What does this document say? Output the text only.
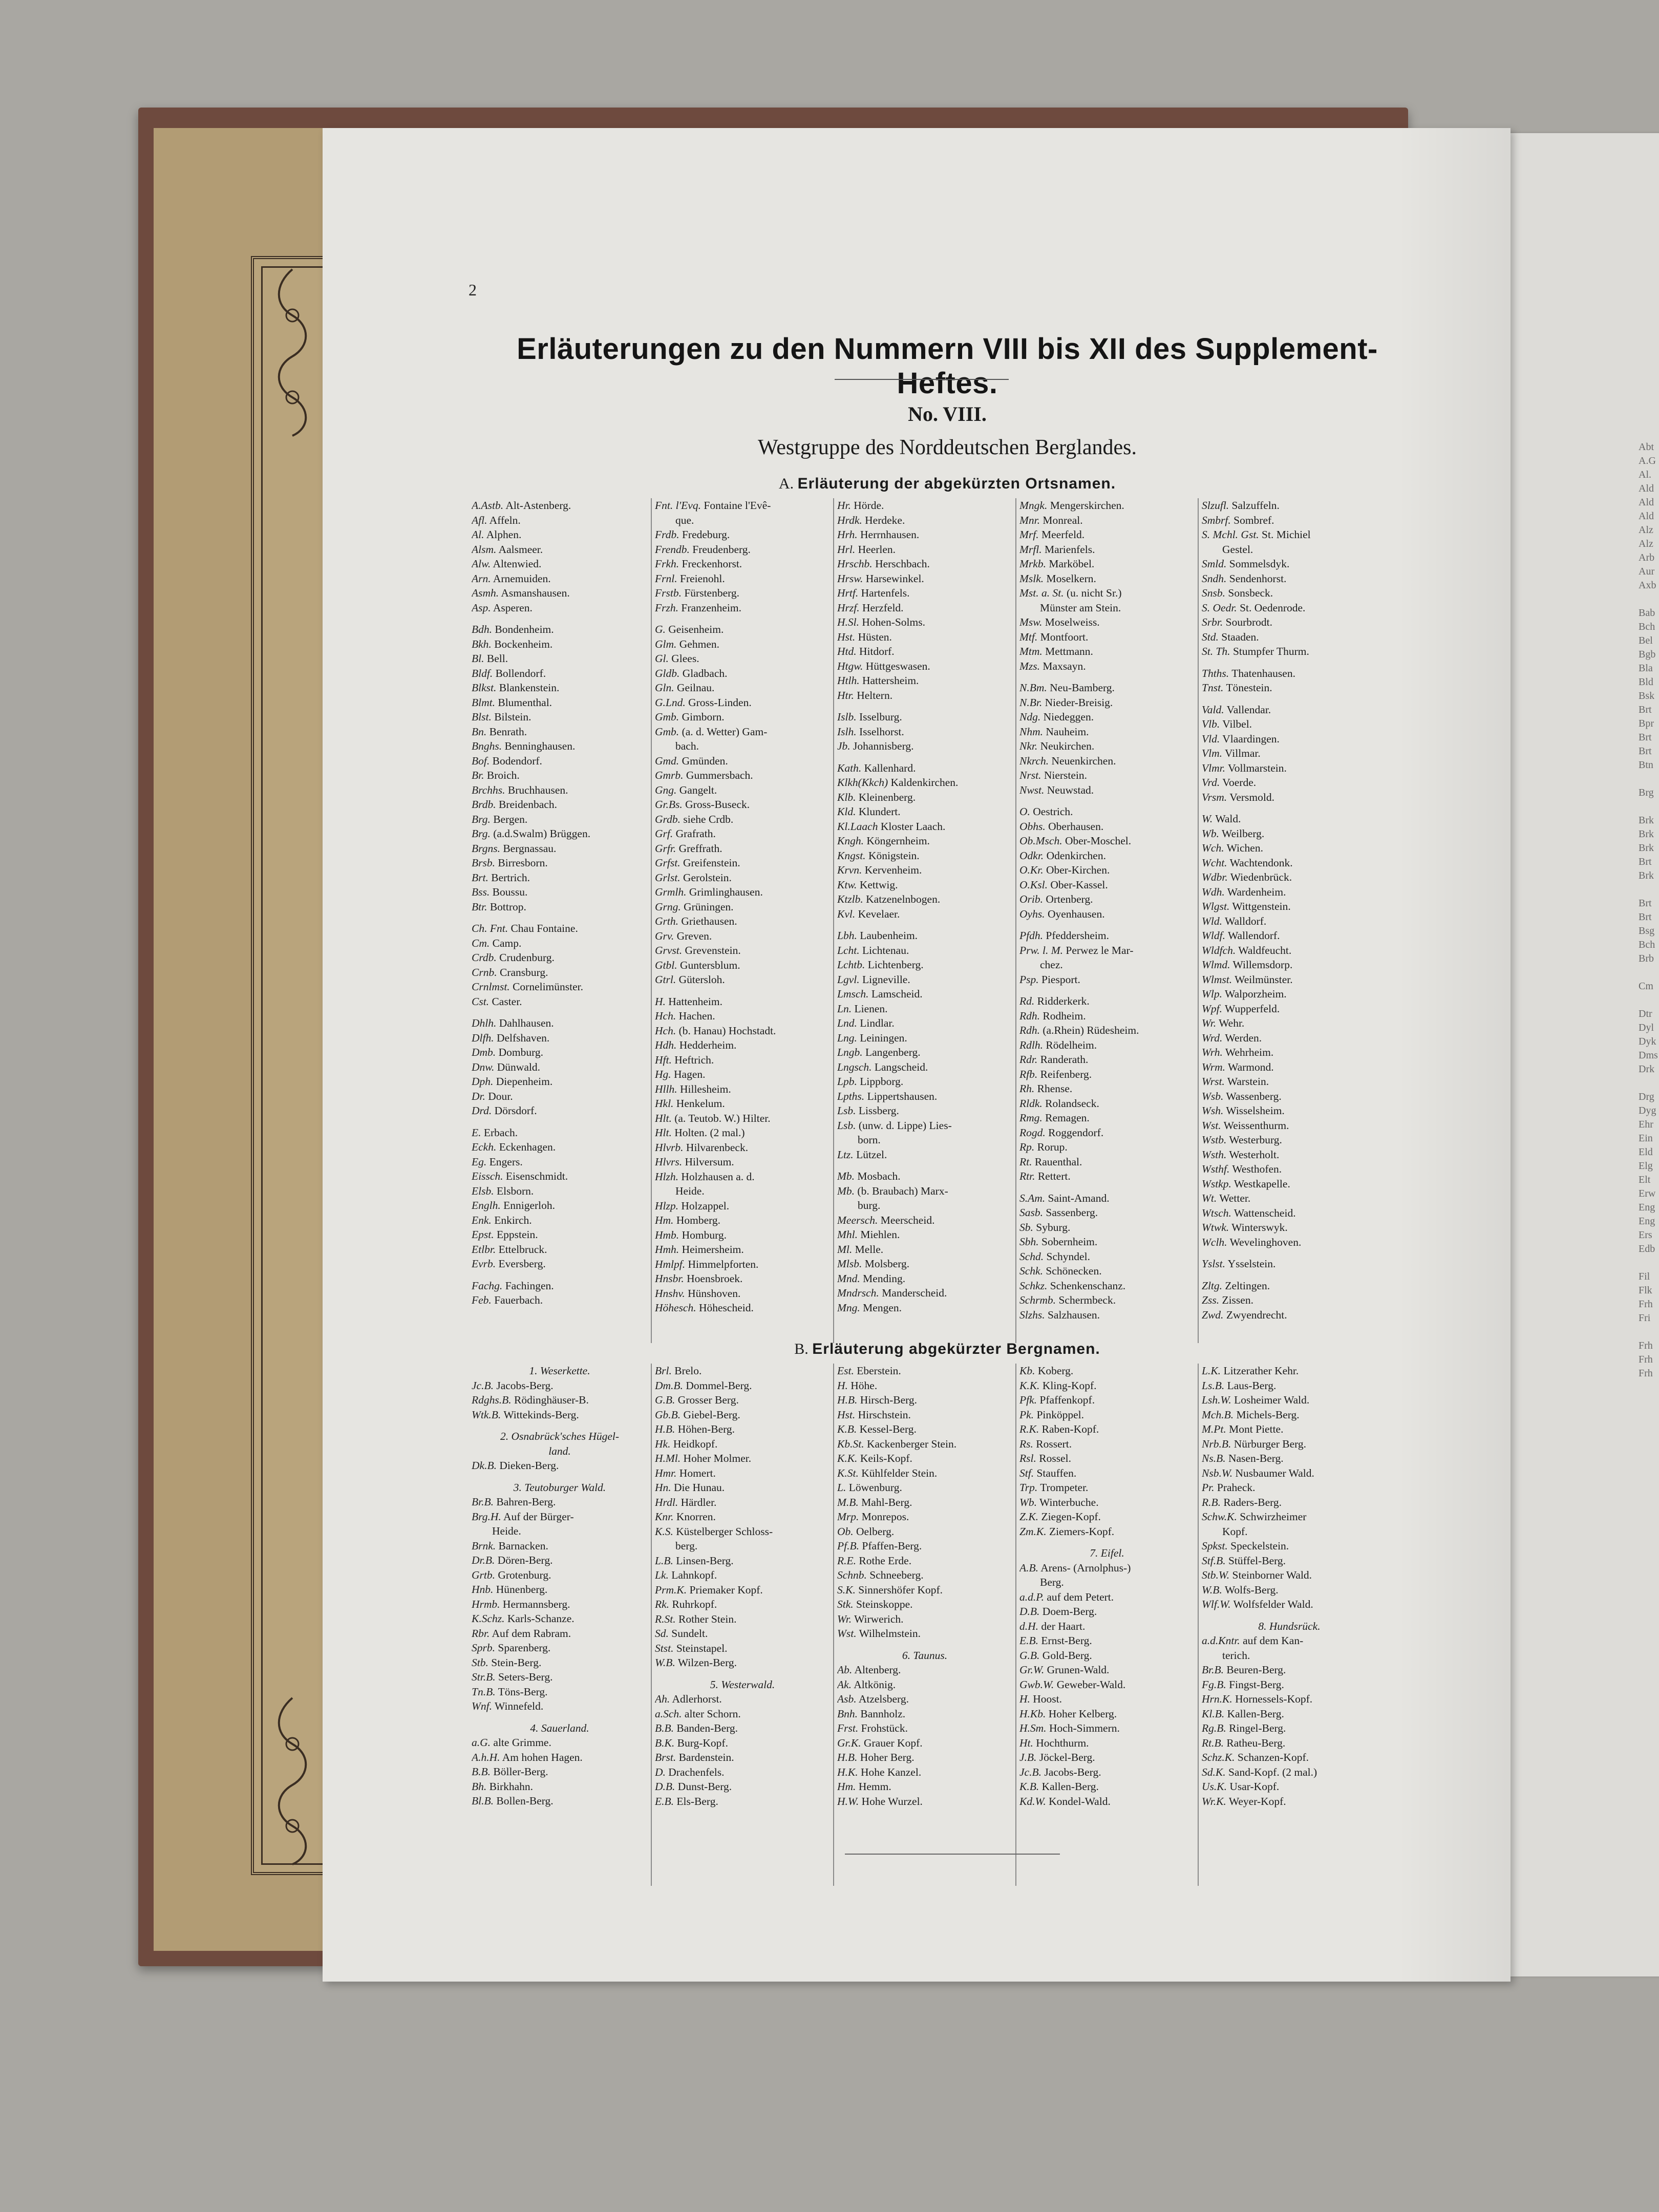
Abt
A.G
Al.
Ald
Ald
Ald
Alz
Alz
Arb
Aur
Axb

Bab
Bch
Bel
Bgb
Bla
Bld
Bsk
Brt
Bpr
Brt
Brt
Btn

Brg

Brk
Brk
Brk
Brt
Brk

Brt
Brt
Bsg
Bch
Brb

Cm

Dtr
Dyl
Dyk
Dms
Drk

Drg
Dyg
Ehr
Ein
Eld
Elg
Elt
Erw
Eng
Eng
Ers
Edb

Fil
Flk
Frh
Fri

Frh
Frh
Frh
2
Erläuterungen zu den Nummern VIII bis XII des Supplement-Heftes.
No. VIII.
Westgruppe des Norddeutschen Berglandes.
A. Erläuterung der abgekürzten Ortsnamen.
A.Astb. Alt-Astenberg.
Afl. Affeln.
Al. Alphen.
Alsm. Aalsmeer.
Alw. Altenwied.
Arn. Arnemuiden.
Asmh. Asmanshausen.
Asp. Asperen.
Bdh. Bondenheim.
Bkh. Bockenheim.
Bl. Bell.
Bldf. Bollendorf.
Blkst. Blankenstein.
Blmt. Blumenthal.
Blst. Bilstein.
Bn. Benrath.
Bnghs. Benninghausen.
Bof. Bodendorf.
Br. Broich.
Brchhs. Bruchhausen.
Brdb. Breidenbach.
Brg. Bergen.
Brg. (a.d.Swalm) Brüggen.
Brgns. Bergnassau.
Brsb. Birresborn.
Brt. Bertrich.
Bss. Boussu.
Btr. Bottrop.
Ch. Fnt. Chau Fontaine.
Cm. Camp.
Crdb. Crudenburg.
Crnb. Cransburg.
Crnlmst. Cornelimünster.
Cst. Caster.
Dhlh. Dahlhausen.
Dlfh. Delfshaven.
Dmb. Domburg.
Dnw. Dünwald.
Dph. Diepenheim.
Dr. Dour.
Drd. Dörsdorf.
E. Erbach.
Eckh. Eckenhagen.
Eg. Engers.
Eissch. Eisenschmidt.
Elsb. Elsborn.
Englh. Ennigerloh.
Enk. Enkirch.
Epst. Eppstein.
Etlbr. Ettelbruck.
Evrb. Eversberg.
Fachg. Fachingen.
Feb. Fauerbach.
Fnt. l'Evq. Fontaine l'Evê-
que.
Frdb. Fredeburg.
Frendb. Freudenberg.
Frkh. Freckenhorst.
Frnl. Freienohl.
Frstb. Fürstenberg.
Frzh. Franzenheim.
G. Geisenheim.
Glm. Gehmen.
Gl. Glees.
Gldb. Gladbach.
Gln. Geilnau.
G.Lnd. Gross-Linden.
Gmb. Gimborn.
Gmb. (a. d. Wetter) Gam-
bach.
Gmd. Gmünden.
Gmrb. Gummersbach.
Gng. Gangelt.
Gr.Bs. Gross-Buseck.
Grdb. siehe Crdb.
Grf. Grafrath.
Grfr. Greffrath.
Grfst. Greifenstein.
Grlst. Gerolstein.
Grmlh. Grimlinghausen.
Grng. Grüningen.
Grth. Griethausen.
Grv. Greven.
Grvst. Grevenstein.
Gtbl. Guntersblum.
Gtrl. Gütersloh.
H. Hattenheim.
Hch. Hachen.
Hch. (b. Hanau) Hochstadt.
Hdh. Hedderheim.
Hft. Heftrich.
Hg. Hagen.
Hllh. Hillesheim.
Hkl. Henkelum.
Hlt. (a. Teutob. W.) Hilter.
Hlt. Holten. (2 mal.)
Hlvrb. Hilvarenbeck.
Hlvrs. Hilversum.
Hlzh. Holzhausen a. d.
Heide.
Hlzp. Holzappel.
Hm. Homberg.
Hmb. Homburg.
Hmh. Heimersheim.
Hmlpf. Himmelpforten.
Hnsbr. Hoensbroek.
Hnshv. Hünshoven.
Höhesch. Höhescheid.
Hr. Hörde.
Hrdk. Herdeke.
Hrh. Herrnhausen.
Hrl. Heerlen.
Hrschb. Herschbach.
Hrsw. Harsewinkel.
Hrtf. Hartenfels.
Hrzf. Herzfeld.
H.Sl. Hohen-Solms.
Hst. Hüsten.
Htd. Hitdorf.
Htgw. Hüttgeswasen.
Htlh. Hattersheim.
Htr. Heltern.
Islb. Isselburg.
Islh. Isselhorst.
Jb. Johannisberg.
Kath. Kallenhard.
Klkh(Kkch) Kaldenkirchen.
Klb. Kleinenberg.
Kld. Klundert.
Kl.Laach Kloster Laach.
Kngh. Köngernheim.
Kngst. Königstein.
Krvn. Kervenheim.
Ktw. Kettwig.
Ktzlb. Katzenelnbogen.
Kvl. Kevelaer.
Lbh. Laubenheim.
Lcht. Lichtenau.
Lchtb. Lichtenberg.
Lgvl. Ligneville.
Lmsch. Lamscheid.
Ln. Lienen.
Lnd. Lindlar.
Lng. Leiningen.
Lngb. Langenberg.
Lngsch. Langscheid.
Lpb. Lippborg.
Lpths. Lippertshausen.
Lsb. Lissberg.
Lsb. (unw. d. Lippe) Lies-
born.
Ltz. Lützel.
Mb. Mosbach.
Mb. (b. Braubach) Marx-
burg.
Meersch. Meerscheid.
Mhl. Miehlen.
Ml. Melle.
Mlsb. Molsberg.
Mnd. Mending.
Mndrsch. Manderscheid.
Mng. Mengen.
Mngk. Mengerskirchen.
Mnr. Monreal.
Mrf. Meerfeld.
Mrfl. Marienfels.
Mrkb. Marköbel.
Mslk. Moselkern.
Mst. a. St. (u. nicht Sr.)
Münster am Stein.
Msw. Moselweiss.
Mtf. Montfoort.
Mtm. Mettmann.
Mzs. Maxsayn.
N.Bm. Neu-Bamberg.
N.Br. Nieder-Breisig.
Ndg. Niedeggen.
Nhm. Nauheim.
Nkr. Neukirchen.
Nkrch. Neuenkirchen.
Nrst. Nierstein.
Nwst. Neuwstad.
O. Oestrich.
Obhs. Oberhausen.
Ob.Msch. Ober-Moschel.
Odkr. Odenkirchen.
O.Kr. Ober-Kirchen.
O.Ksl. Ober-Kassel.
Orib. Ortenberg.
Oyhs. Oyenhausen.
Pfdh. Pfeddersheim.
Prw. l. M. Perwez le Mar-
chez.
Psp. Piesport.
Rd. Ridderkerk.
Rdh. Rodheim.
Rdh. (a.Rhein) Rüdesheim.
Rdlh. Rödelheim.
Rdr. Randerath.
Rfb. Reifenberg.
Rh. Rhense.
Rldk. Rolandseck.
Rmg. Remagen.
Rogd. Roggendorf.
Rp. Rorup.
Rt. Rauenthal.
Rtr. Rettert.
S.Am. Saint-Amand.
Sasb. Sassenberg.
Sb. Syburg.
Sbh. Sobernheim.
Schd. Schyndel.
Schk. Schönecken.
Schkz. Schenkenschanz.
Schrmb. Schermbeck.
Slzhs. Salzhausen.
Slzufl. Salzuffeln.
Smbrf. Sombref.
S. Mchl. Gst. St. Michiel
Gestel.
Smld. Sommelsdyk.
Sndh. Sendenhorst.
Snsb. Sonsbeck.
S. Oedr. St. Oedenrode.
Srbr. Sourbrodt.
Std. Staaden.
St. Th. Stumpfer Thurm.
Thths. Thatenhausen.
Tnst. Tönestein.
Vald. Vallendar.
Vlb. Vilbel.
Vld. Vlaardingen.
Vlm. Villmar.
Vlmr. Vollmarstein.
Vrd. Voerde.
Vrsm. Versmold.
W. Wald.
Wb. Weilberg.
Wch. Wichen.
Wcht. Wachtendonk.
Wdbr. Wiedenbrück.
Wdh. Wardenheim.
Wlgst. Wittgenstein.
Wld. Walldorf.
Wldf. Wallendorf.
Wldfch. Waldfeucht.
Wlmd. Willemsdorp.
Wlmst. Weilmünster.
Wlp. Walporzheim.
Wpf. Wupperfeld.
Wr. Wehr.
Wrd. Werden.
Wrh. Wehrheim.
Wrm. Warmond.
Wrst. Warstein.
Wsb. Wassenberg.
Wsh. Wisselsheim.
Wst. Weissenthurm.
Wstb. Westerburg.
Wsth. Westerholt.
Wsthf. Westhofen.
Wstkp. Westkapelle.
Wt. Wetter.
Wtsch. Wattenscheid.
Wtwk. Winterswyk.
Wclh. Wevelinghoven.
Yslst. Ysselstein.
Zltg. Zeltingen.
Zss. Zissen.
Zwd. Zwyendrecht.
B. Erläuterung abgekürzter Bergnamen.
1. Weserkette.
Jc.B. Jacobs-Berg.
Rdghs.B. Rödinghäuser-B.
Wtk.B. Wittekinds-Berg.
2. Osnabrück'sches Hügel-
land.
Dk.B. Dieken-Berg.
3. Teutoburger Wald.
Br.B. Bahren-Berg.
Brg.H. Auf der Bürger-
Heide.
Brnk. Barnacken.
Dr.B. Dören-Berg.
Grtb. Grotenburg.
Hnb. Hünenberg.
Hrmb. Hermannsberg.
K.Schz. Karls-Schanze.
Rbr. Auf dem Rabram.
Sprb. Sparenberg.
Stb. Stein-Berg.
Str.B. Seters-Berg.
Tn.B. Töns-Berg.
Wnf. Winnefeld.
4. Sauerland.
a.G. alte Grimme.
A.h.H. Am hohen Hagen.
B.B. Böller-Berg.
Bh. Birkhahn.
Bl.B. Bollen-Berg.
Brl. Brelo.
Dm.B. Dommel-Berg.
G.B. Grosser Berg.
Gb.B. Giebel-Berg.
H.B. Höhen-Berg.
Hk. Heidkopf.
H.Ml. Hoher Molmer.
Hmr. Homert.
Hn. Die Hunau.
Hrdl. Härdler.
Knr. Knorren.
K.S. Küstelberger Schloss-
berg.
L.B. Linsen-Berg.
Lk. Lahnkopf.
Prm.K. Priemaker Kopf.
Rk. Ruhrkopf.
R.St. Rother Stein.
Sd. Sundelt.
Stst. Steinstapel.
W.B. Wilzen-Berg.
5. Westerwald.
Ah. Adlerhorst.
a.Sch. alter Schorn.
B.B. Banden-Berg.
B.K. Burg-Kopf.
Brst. Bardenstein.
D. Drachenfels.
D.B. Dunst-Berg.
E.B. Els-Berg.
Est. Eberstein.
H. Höhe.
H.B. Hirsch-Berg.
Hst. Hirschstein.
K.B. Kessel-Berg.
Kb.St. Kackenberger Stein.
K.K. Keils-Kopf.
K.St. Kühlfelder Stein.
L. Löwenburg.
M.B. Mahl-Berg.
Mrp. Monrepos.
Ob. Oelberg.
Pf.B. Pfaffen-Berg.
R.E. Rothe Erde.
Schnb. Schneeberg.
S.K. Sinnershöfer Kopf.
Stk. Steinskoppe.
Wr. Wirwerich.
Wst. Wilhelmstein.
6. Taunus.
Ab. Altenberg.
Ak. Altkönig.
Asb. Atzelsberg.
Bnh. Bannholz.
Frst. Frohstück.
Gr.K. Grauer Kopf.
H.B. Hoher Berg.
H.K. Hohe Kanzel.
Hm. Hemm.
H.W. Hohe Wurzel.
Kb. Koberg.
K.K. Kling-Kopf.
Pfk. Pfaffenkopf.
Pk. Pinköppel.
R.K. Raben-Kopf.
Rs. Rossert.
Rsl. Rossel.
Stf. Stauffen.
Trp. Trompeter.
Wb. Winterbuche.
Z.K. Ziegen-Kopf.
Zm.K. Ziemers-Kopf.
7. Eifel.
A.B. Arens- (Arnolphus-)
Berg.
a.d.P. auf dem Petert.
D.B. Doem-Berg.
d.H. der Haart.
E.B. Ernst-Berg.
G.B. Gold-Berg.
Gr.W. Grunen-Wald.
Gwb.W. Geweber-Wald.
H. Hoost.
H.Kb. Hoher Kelberg.
H.Sm. Hoch-Simmern.
Ht. Hochthurm.
J.B. Jöckel-Berg.
Jc.B. Jacobs-Berg.
K.B. Kallen-Berg.
Kd.W. Kondel-Wald.
L.K. Litzerather Kehr.
Ls.B. Laus-Berg.
Lsh.W. Losheimer Wald.
Mch.B. Michels-Berg.
M.Pt. Mont Piette.
Nrb.B. Nürburger Berg.
Ns.B. Nasen-Berg.
Nsb.W. Nusbaumer Wald.
Pr. Praheck.
R.B. Raders-Berg.
Schw.K. Schwirzheimer
Kopf.
Spkst. Speckelstein.
Stf.B. Stüffel-Berg.
Stb.W. Steinborner Wald.
W.B. Wolfs-Berg.
Wlf.W. Wolfsfelder Wald.
8. Hundsrück.
a.d.Kntr. auf dem Kan-
terich.
Br.B. Beuren-Berg.
Fg.B. Fingst-Berg.
Hrn.K. Hornessels-Kopf.
Kl.B. Kallen-Berg.
Rg.B. Ringel-Berg.
Rt.B. Ratheu-Berg.
Schz.K. Schanzen-Kopf.
Sd.K. Sand-Kopf. (2 mal.)
Us.K. Usar-Kopf.
Wr.K. Weyer-Kopf.
